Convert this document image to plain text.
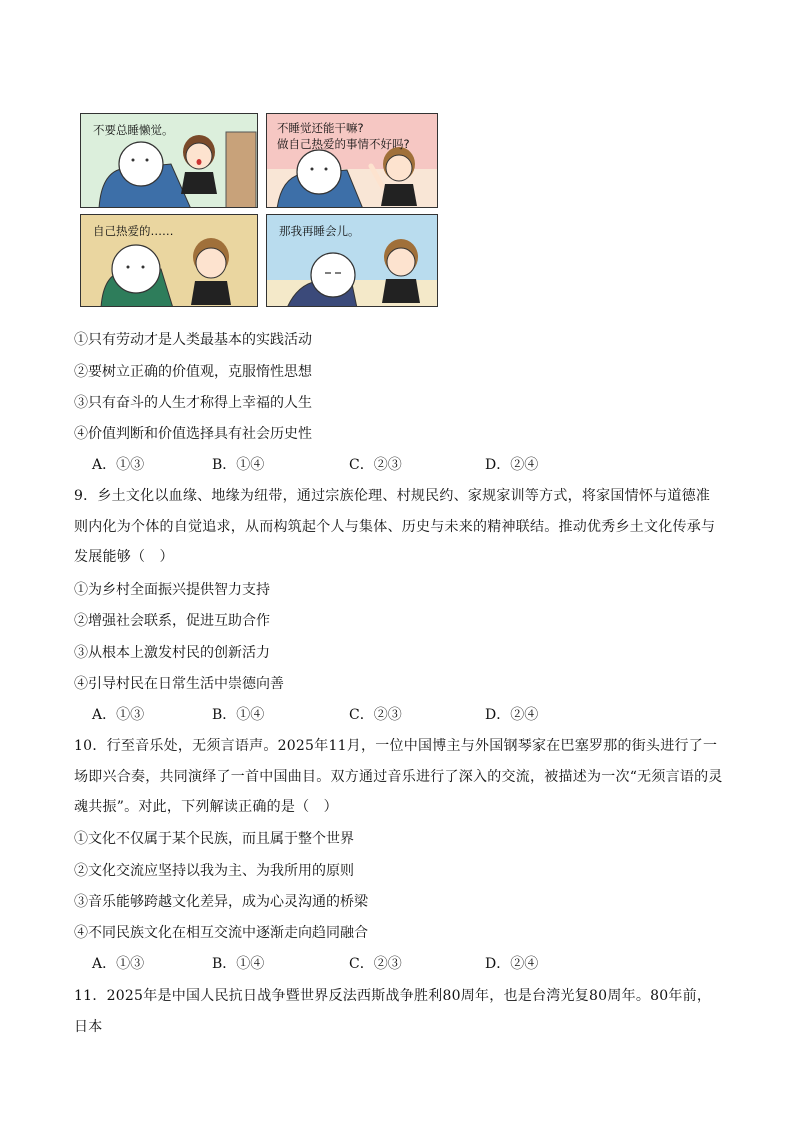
不要总睡懒觉。	不睡觉还能干嘛?
做自己热爱的事情不好吗?
自己热爱的……	那我再睡会儿。
①只有劳动才是人类最基本的实践活动
②要树立正确的价值观，克服惰性思想
③只有奋斗的人生才称得上幸福的人生
④价值判断和价值选择具有社会历史性
A．①③	B．①④	C．②③	D．②④
9．乡土文化以血缘、地缘为纽带，通过宗族伦理、村规民约、家规家训等方式，将家国情怀与道德准则内化为个体的自觉追求，从而构筑起个人与集体、历史与未来的精神联结。推动优秀乡土文化传承与发展能够（　）
①为乡村全面振兴提供智力支持
②增强社会联系，促进互助合作
③从根本上激发村民的创新活力
④引导村民在日常生活中崇德向善
A．①③	B．①④	C．②③	D．②④
10．行至音乐处，无须言语声。2025年11月，一位中国博主与外国钢琴家在巴塞罗那的街头进行了一场即兴合奏，共同演绎了一首中国曲目。双方通过音乐进行了深入的交流，被描述为一次“无须言语的灵魂共振”。对此，下列解读正确的是（　）
①文化不仅属于某个民族，而且属于整个世界
②文化交流应坚持以我为主、为我所用的原则
③音乐能够跨越文化差异，成为心灵沟通的桥梁
④不同民族文化在相互交流中逐渐走向趋同融合
A．①③	B．①④	C．②③	D．②④
11．2025年是中国人民抗日战争暨世界反法西斯战争胜利80周年，也是台湾光复80周年。80年前，日本
